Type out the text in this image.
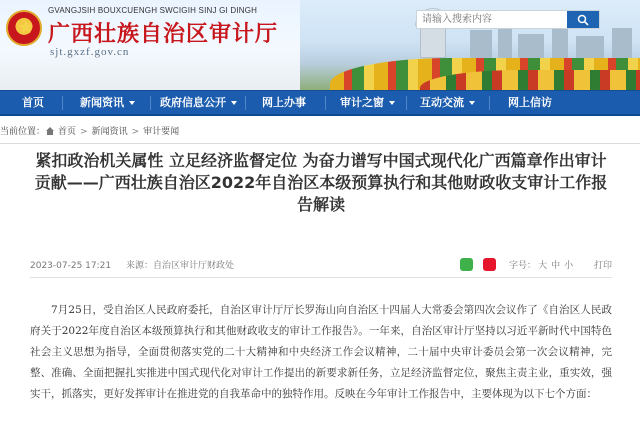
GVANGJSIH BOUXCUENGH SWCIGIH SINJ GI DINGH
广西壮族自治区审计厅
sjt.gxzf.gov.cn
请输入搜索内容
首页	新闻资讯	政府信息公开	网上办事	审计之窗	互动交流	网上信访
当前位置： 首页 > 新闻资讯 > 审计要闻
紧扣政治机关属性 立足经济监督定位 为奋力谱写中国式现代化广西篇章作出审计贡献——广西壮族自治区2022年自治区本级预算执行和其他财政收支审计工作报告解读
2023-07-25 17:21 来源：自治区审计厅财政处	字号： 大 中 小 打印

7月25日，受自治区人民政府委托，自治区审计厅厅长罗海山向自治区十四届人大常委会第四次会议作了《自治区人民政府关于2022年度自治区本级预算执行和其他财政收支的审计工作报告》。一年来，自治区审计厅坚持以习近平新时代中国特色社会主义思想为指导，全面贯彻落实党的二十大精神和中央经济工作会议精神，二十届中央审计委员会第一次会议精神，完整、准确、全面把握扎实推进中国式现代化对审计工作提出的新要求新任务，立足经济监督定位，聚焦主责主业，重实效，强实干，抓落实，更好发挥审计在推进党的自我革命中的独特作用。反映在今年审计工作报告中，主要体现为以下七个方面：
